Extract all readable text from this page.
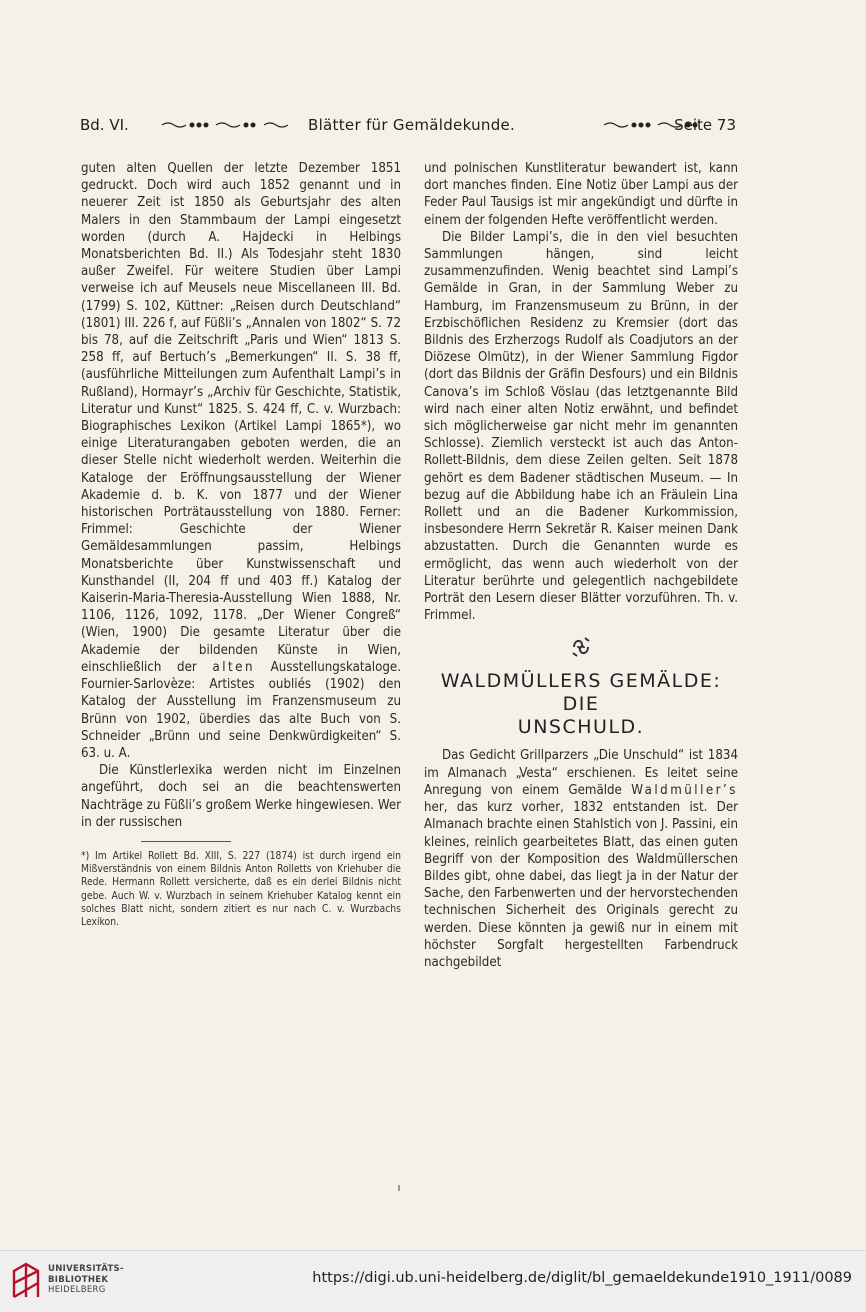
Bd. VI.	Blätter für Gemäldekunde.	Seite 73

guten alten Quellen der letzte Dezember 1851 gedruckt. Doch wird auch 1852 genannt und in neuerer Zeit ist 1850 als Geburtsjahr des alten Malers in den Stammbaum der Lampi eingesetzt worden (durch A. Hajdecki in Helbings Monatsberichten Bd. II.) Als Todesjahr steht 1830 außer Zweifel. Für weitere Studien über Lampi verweise ich auf Meusels neue Miscellaneen III. Bd. (1799) S. 102, Küttner: „Reisen durch Deutschland“ (1801) III. 226 f, auf Füßli’s „Annalen von 1802“ S. 72 bis 78, auf die Zeitschrift „Paris und Wien“ 1813 S. 258 ff, auf Bertuch’s „Bemerkungen“ II. S. 38 ff, (ausführliche Mitteilungen zum Aufenthalt Lampi’s in Rußland), Hormayr’s „Archiv für Geschichte, Statistik, Literatur und Kunst“ 1825. S. 424 ff, C. v. Wurzbach: Biographisches Lexikon (Artikel Lampi 1865*), wo einige Literaturangaben geboten werden, die an dieser Stelle nicht wiederholt werden. Weiterhin die Kataloge der Eröffnungsausstellung der Wiener Akademie d. b. K. von 1877 und der Wiener historischen Porträtausstellung von 1880. Ferner: Frimmel: Geschichte der Wiener Gemäldesammlungen passim, Helbings Monatsberichte über Kunstwissenschaft und Kunsthandel (II, 204 ff und 403 ff.) Katalog der Kaiserin-Maria-Theresia-Ausstellung Wien 1888, Nr. 1106, 1126, 1092, 1178. „Der Wiener Congreß“ (Wien, 1900) Die gesamte Literatur über die Akademie der bildenden Künste in Wien, einschließlich der alten Ausstellungskataloge. Fournier-Sarlovèze: Artistes oubliés (1902) den Katalog der Ausstellung im Franzensmuseum zu Brünn von 1902, überdies das alte Buch von S. Schneider „Brünn und seine Denkwürdigkeiten“ S. 63. u. A.

Die Künstlerlexika werden nicht im Einzelnen angeführt, doch sei an die beachtenswerten Nachträge zu Füßli’s großem Werke hingewiesen. Wer in der russischen

*) Im Artikel Rollett Bd. XIII, S. 227 (1874) ist durch irgend ein Mißverständnis von einem Bildnis Anton Rolletts von Kriehuber die Rede. Hermann Rollett versicherte, daß es ein derlei Bildnis nicht gebe. Auch W. v. Wurzbach in seinem Kriehuber Katalog kennt ein solches Blatt nicht, sondern zitiert es nur nach C. v. Wurzbachs Lexikon.

und polnischen Kunstliteratur bewandert ist, kann dort manches finden. Eine Notiz über Lampi aus der Feder Paul Tausigs ist mir angekündigt und dürfte in einem der folgenden Hefte veröffentlicht werden.

Die Bilder Lampi’s, die in den viel besuchten Sammlungen hängen, sind leicht zusammenzufinden. Wenig beachtet sind Lampi’s Gemälde in Gran, in der Sammlung Weber zu Hamburg, im Franzensmuseum zu Brünn, in der Erzbischöflichen Residenz zu Kremsier (dort das Bildnis des Erzherzogs Rudolf als Coadjutors an der Diözese Olmütz), in der Wiener Sammlung Figdor (dort das Bildnis der Gräfin Desfours) und ein Bildnis Canova’s im Schloß Vöslau (das letztgenannte Bild wird nach einer alten Notiz erwähnt, und befindet sich möglicherweise gar nicht mehr im genannten Schlosse). Ziemlich versteckt ist auch das Anton-Rollett-Bildnis, dem diese Zeilen gelten. Seit 1878 gehört es dem Badener städtischen Museum. — In bezug auf die Abbildung habe ich an Fräulein Lina Rollett und an die Badener Kurkommission, insbesondere Herrn Sekretär R. Kaiser meinen Dank abzustatten. Durch die Genannten wurde es ermöglicht, das wenn auch wiederholt von der Literatur berührte und gelegentlich nachgebildete Porträt den Lesern dieser Blätter vorzuführen. Th. v. Frimmel.

WALDMÜLLERS GEMÄLDE: DIE
UNSCHULD.

Das Gedicht Grillparzers „Die Unschuld“ ist 1834 im Almanach „Vesta“ erschienen. Es leitet seine Anregung von einem Gemälde Waldmüller’s her, das kurz vorher, 1832 entstanden ist. Der Almanach brachte einen Stahlstich von J. Passini, ein kleines, reinlich gearbeitetes Blatt, das einen guten Begriff von der Komposition des Waldmüllerschen Bildes gibt, ohne dabei, das liegt ja in der Natur der Sache, den Farbenwerten und der hervorstechenden technischen Sicherheit des Originals gerecht zu werden. Diese könnten ja gewiß nur in einem mit höchster Sorgfalt hergestellten Farbendruck nachgebildet

UNIVERSITÄTS-
BIBLIOTHEK
HEIDELBERG
https://digi.ub.uni-heidelberg.de/diglit/bl_gemaeldekunde1910_1911/0089
